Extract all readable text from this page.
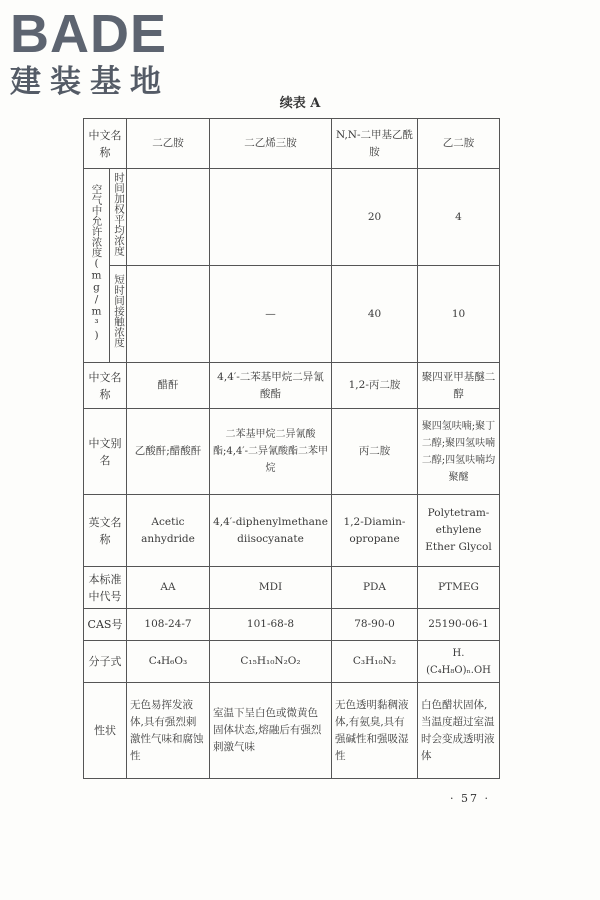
BADE
建装基地
续表 A
中文名称		二乙胺	二乙烯三胺	N,N-二甲基乙酰胺	乙二胺
空气中允许浓度(mg/m³)	时间加权平均浓度			20	4
	短时间接触浓度		—	40	10
中文名称		醋酐	4,4′-二苯基甲烷二异氰酸酯	1,2-丙二胺	聚四亚甲基醚二醇
中文别名		乙酸酐;醋酸酐	二苯基甲烷二异氰酸酯;4,4′-二异氰酸酯二苯甲烷	丙二胺	聚四氢呋喃;聚丁二醇;聚四氢呋喃二醇;四氢呋喃均聚醚
英文名称		Acetic anhydride	4,4′-diphenylmethane diisocyanate	1,2-Diamin-opropane	Polytetram-ethylene Ether Glycol
本标准中代号		AA	MDI	PDA	PTMEG
CAS号		108-24-7	101-68-8	78-90-0	25190-06-1
分子式		C₄H₆O₃	C₁₅H₁₀N₂O₂	C₃H₁₀N₂	H.(C₄H₈O)ₙ.OH
性状		无色易挥发液体,具有强烈刺激性气味和腐蚀性	室温下呈白色或微黄色固体状态,熔融后有强烈刺激气味	无色透明黏稠液体,有氨臭,具有强碱性和强吸湿性	白色醋状固体,当温度超过室温时会变成透明液体
· 57 ·
